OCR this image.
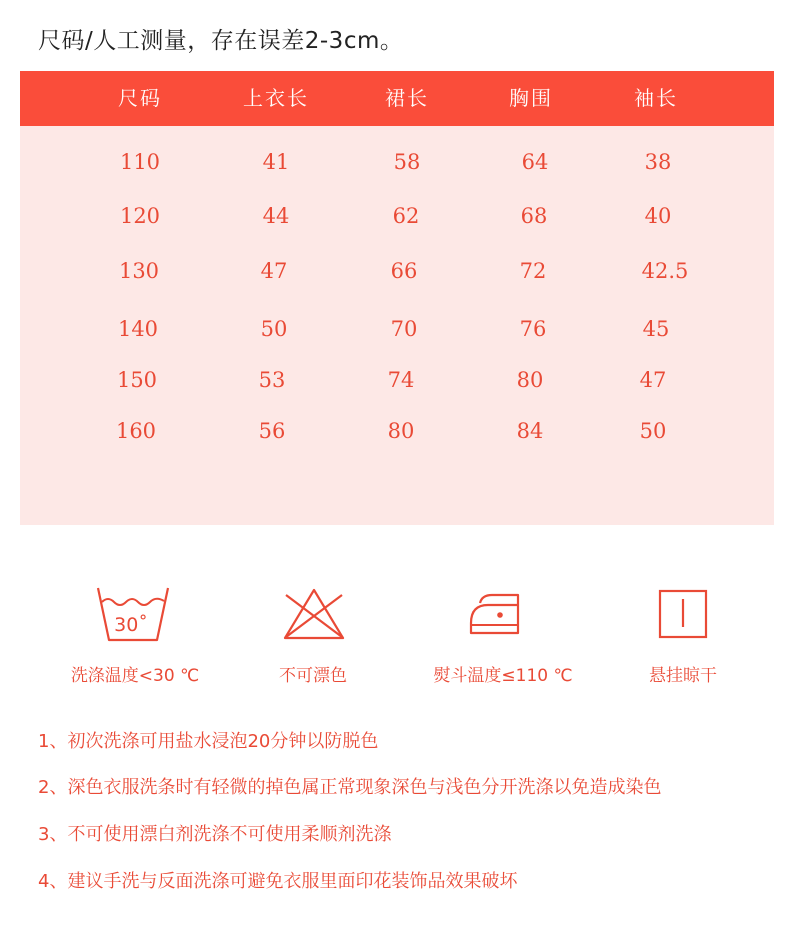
尺码/人工测量，存在误差2-3cm。
尺码	上衣长	裙长	胸围	袖长
110	41	58	64	38
120	44	62	68	40
130	47	66	72	42.5
140	50	70	76	45
150	53	74	80	47
160	56	80	84	50
30˚
洗涤温度<30 ℃	不可漂色	熨斗温度≤110 ℃	悬挂晾干
1、初次洗涤可用盐水浸泡20分钟以防脱色
2、深色衣服洗条时有轻微的掉色属正常现象深色与浅色分开洗涤以免造成染色
3、不可使用漂白剂洗涤不可使用柔顺剂洗涤
4、建议手洗与反面洗涤可避免衣服里面印花装饰品效果破坏
